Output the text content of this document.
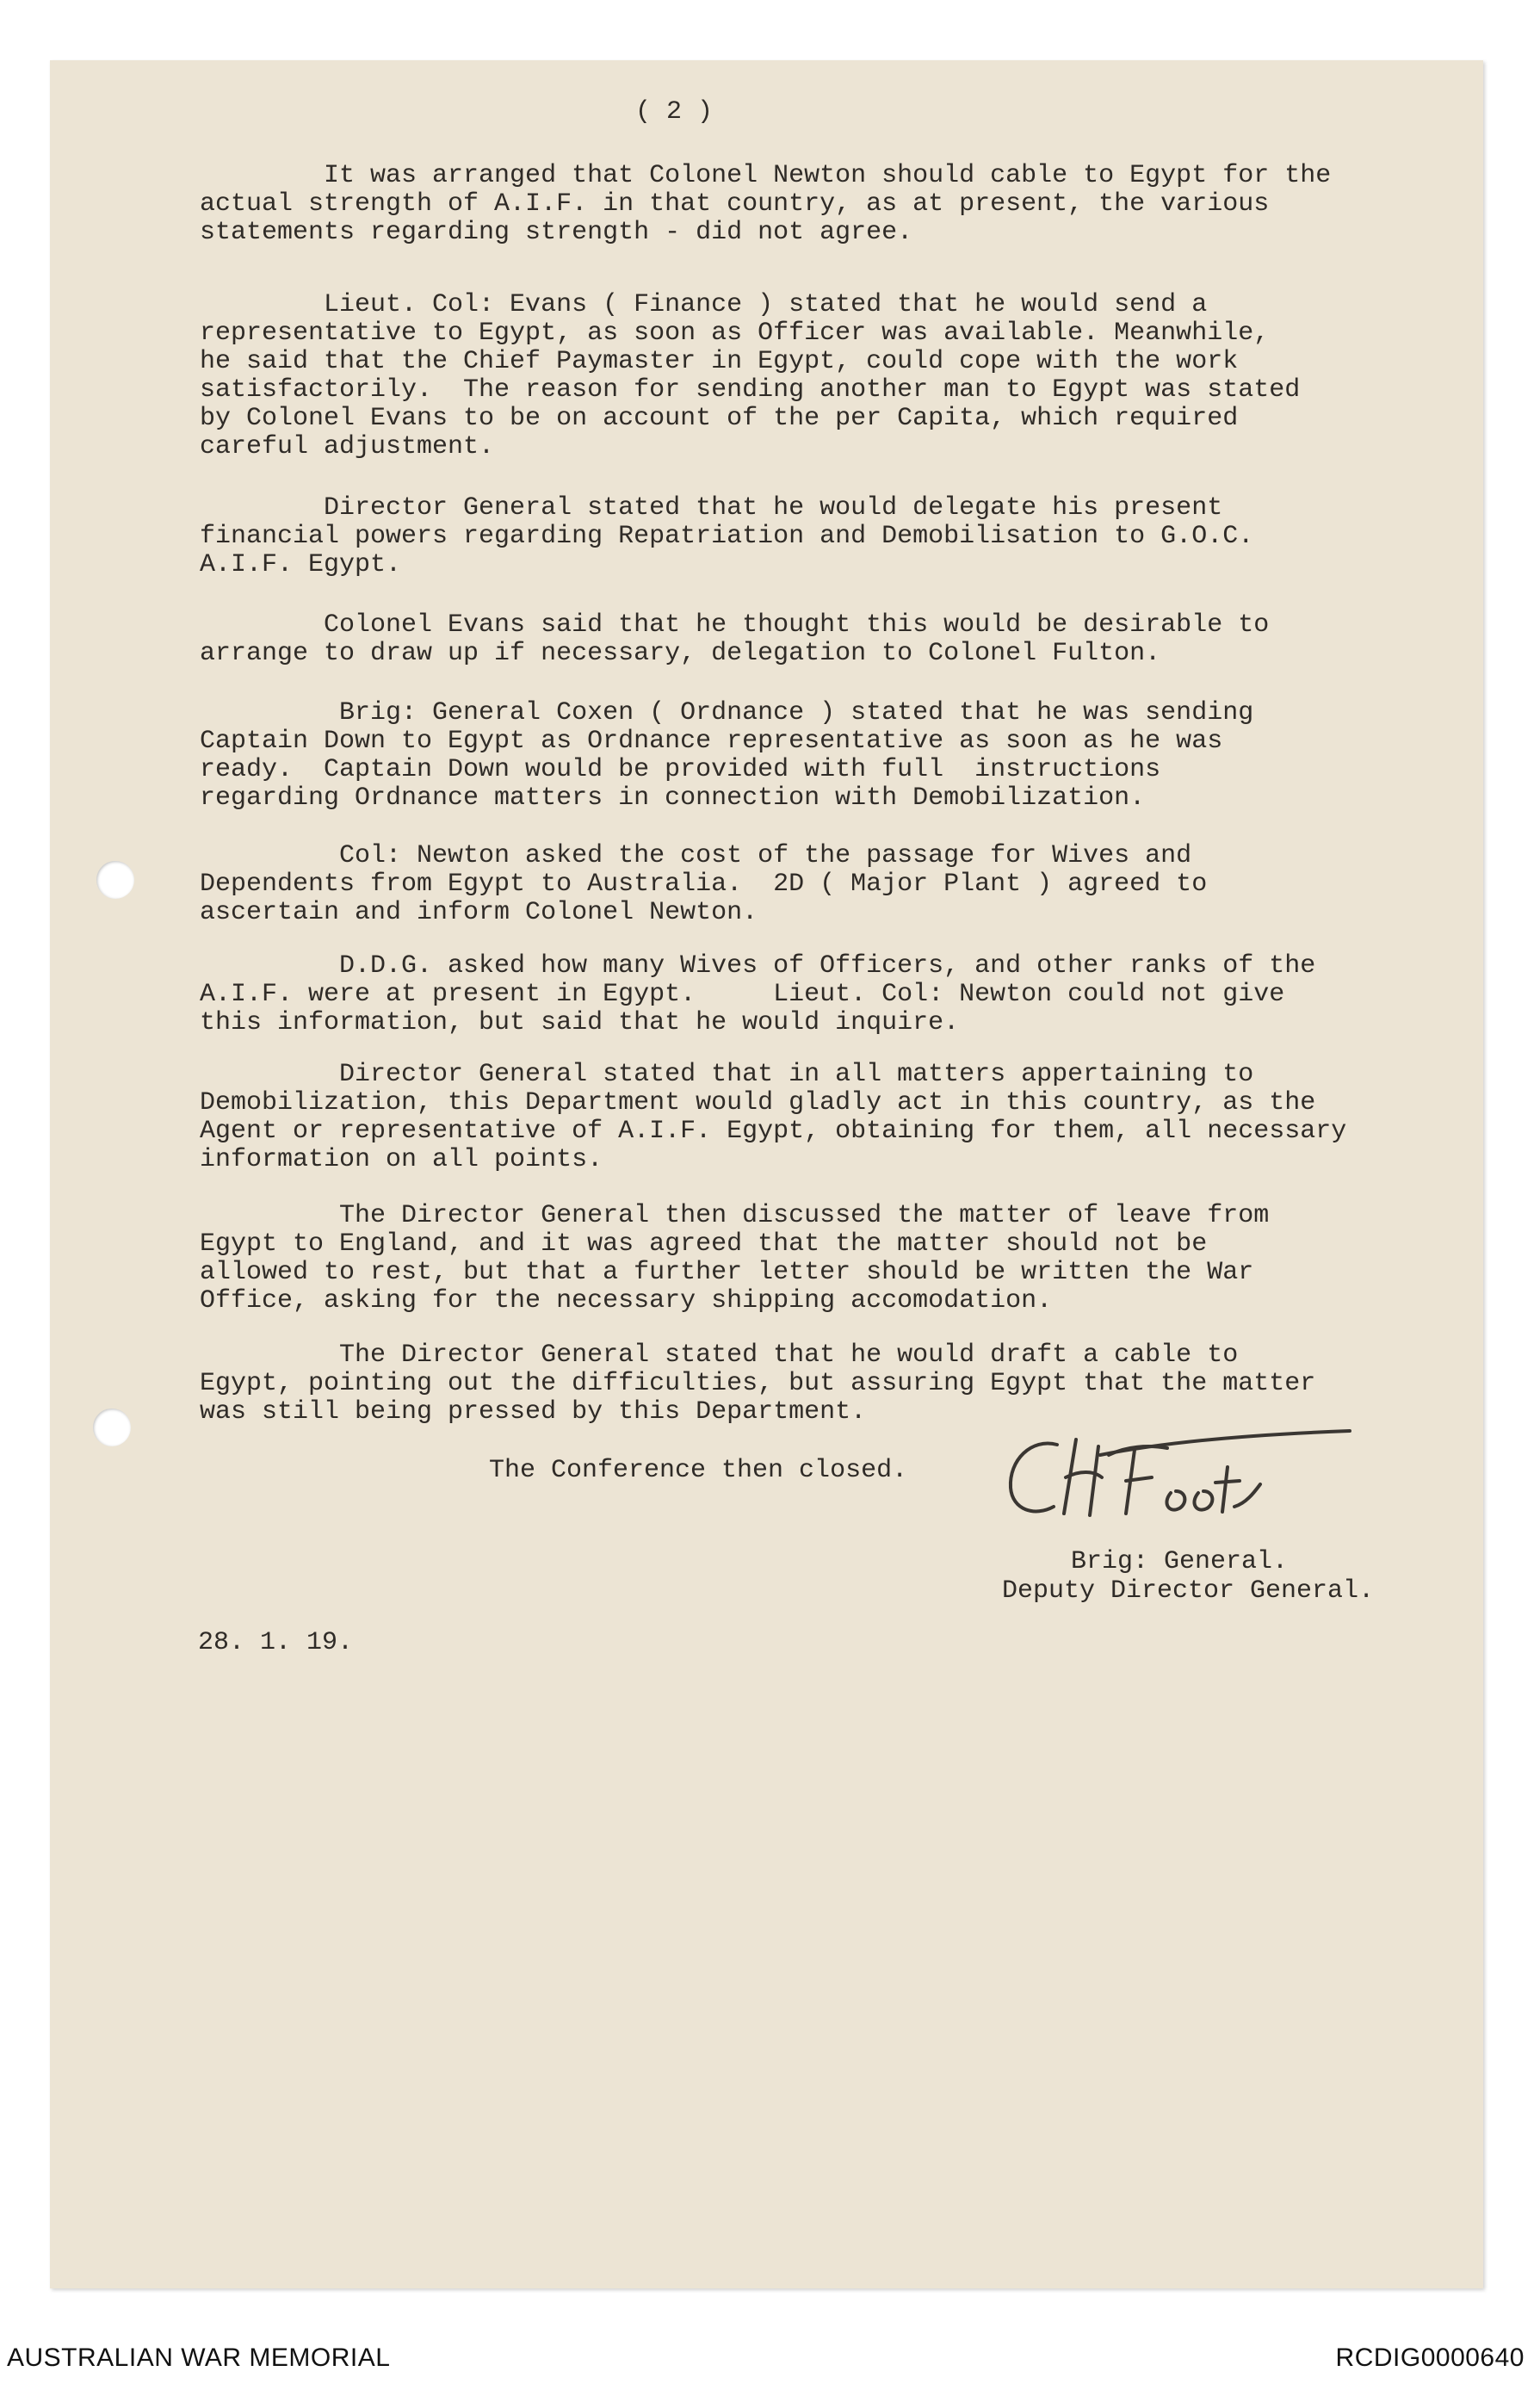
( 2 )
It was arranged that Colonel Newton should cable to Egypt for the
actual strength of A.I.F. in that country, as at present, the various
statements regarding strength - did not agree.
Lieut. Col: Evans ( Finance ) stated that he would send a
representative to Egypt, as soon as Officer was available. Meanwhile,
he said that the Chief Paymaster in Egypt, could cope with the work
satisfactorily.  The reason for sending another man to Egypt was stated
by Colonel Evans to be on account of the per Capita, which required
careful adjustment.
Director General stated that he would delegate his present
financial powers regarding Repatriation and Demobilisation to G.O.C.
A.I.F. Egypt.
Colonel Evans said that he thought this would be desirable to
arrange to draw up if necessary, delegation to Colonel Fulton.
Brig: General Coxen ( Ordnance ) stated that he was sending
Captain Down to Egypt as Ordnance representative as soon as he was
ready.  Captain Down would be provided with full  instructions
regarding Ordnance matters in connection with Demobilization.
Col: Newton asked the cost of the passage for Wives and
Dependents from Egypt to Australia.  2D ( Major Plant ) agreed to
ascertain and inform Colonel Newton.
D.D.G. asked how many Wives of Officers, and other ranks of the
A.I.F. were at present in Egypt.     Lieut. Col: Newton could not give
this information, but said that he would inquire.
Director General stated that in all matters appertaining to
Demobilization, this Department would gladly act in this country, as the
Agent or representative of A.I.F. Egypt, obtaining for them, all necessary
information on all points.
The Director General then discussed the matter of leave from
Egypt to England, and it was agreed that the matter should not be
allowed to rest, but that a further letter should be written the War
Office, asking for the necessary shipping accomodation.
The Director General stated that he would draft a cable to
Egypt, pointing out the difficulties, but assuring Egypt that the matter
was still being pressed by this Department.
The Conference then closed.
Brig: General.
Deputy Director General.
28. 1. 19.
AUSTRALIAN WAR MEMORIAL	RCDIG0000640
